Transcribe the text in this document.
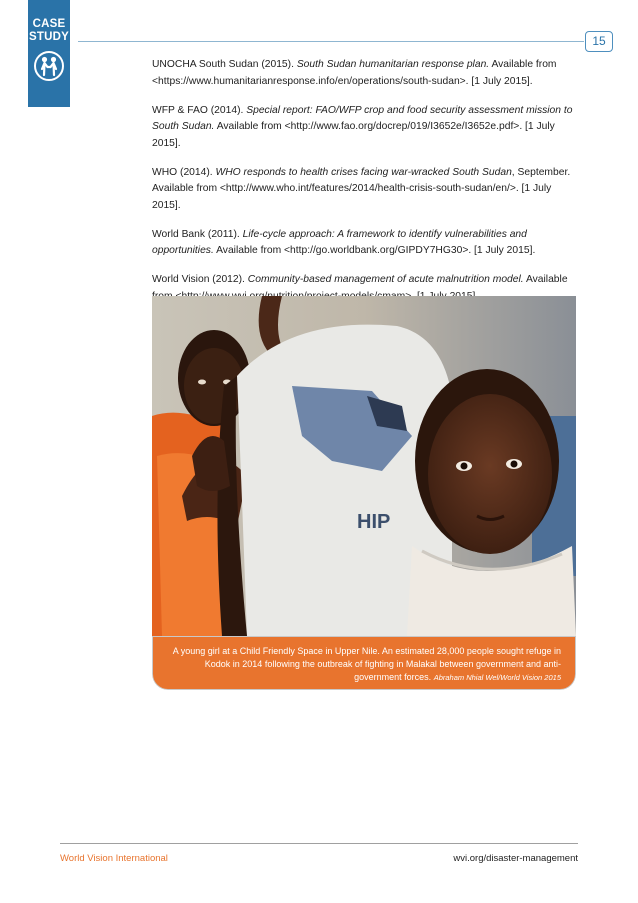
CASE
STUDY	15

UNOCHA South Sudan (2015). South Sudan humanitarian response plan. Available from <https://www.humanitarianresponse.info/en/operations/south-sudan>. [1 July 2015].

WFP & FAO (2014). Special report: FAO/WFP crop and food security assessment mission to South Sudan. Available from <http://www.fao.org/docrep/019/I3652e/I3652e.pdf>. [1 July 2015].

WHO (2014). WHO responds to health crises facing war-wracked South Sudan, September. Available from <http://www.who.int/features/2014/health-crisis-south-sudan/en/>. [1 July 2015].

World Bank (2011). Life-cycle approach: A framework to identify vulnerabilities and opportunities. Available from <http://go.worldbank.org/GIPDY7HG30>. [1 July 2015].

World Vision (2012). Community-based management of acute malnutrition model. Available

HIP
A young girl at a Child Friendly Space in Upper Nile. An estimated 28,000 people sought refuge in Kodok in 2014 following the outbreak of fighting in Malakal between government and anti-government forces. Abraham Nhial Wel/World Vision 2015
World Vision International	wvi.org/disaster-management
